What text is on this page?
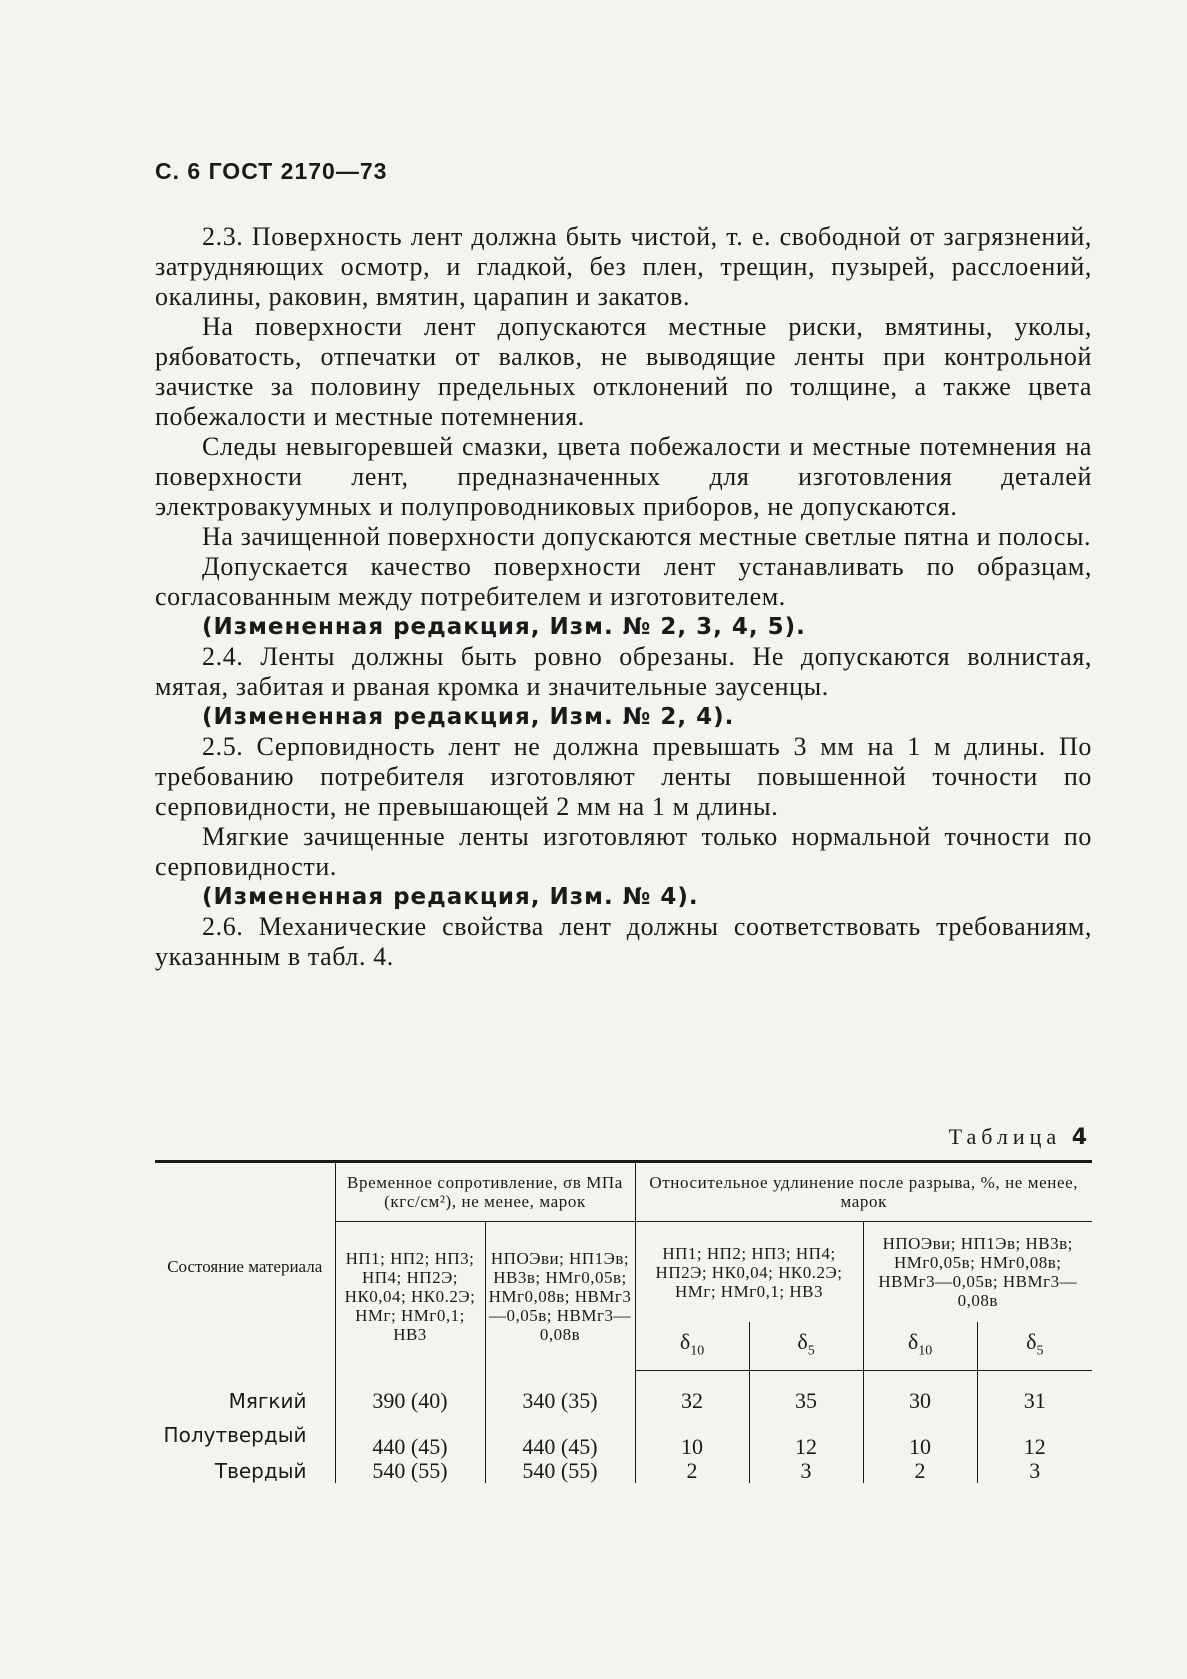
С. 6 ГОСТ 2170—73

2.3. Поверхность лент должна быть чистой, т. е. свободной от загрязнений, затрудняющих осмотр, и гладкой, без плен, трещин, пузырей, расслоений, окалины, раковин, вмятин, царапин и закатов.

На поверхности лент допускаются местные риски, вмятины, уколы, рябоватость, отпечатки от валков, не выводящие ленты при контрольной зачистке за половину предельных отклонений по толщине, а также цвета побежалости и местные потемнения.

Следы невыгоревшей смазки, цвета побежалости и местные потемнения на поверхности лент, предназначенных для изготовления деталей электровакуумных и полупроводниковых приборов, не допускаются.

На зачищенной поверхности допускаются местные светлые пятна и полосы.

Допускается качество поверхности лент устанавливать по образцам, согласованным между потребителем и изготовителем.

(Измененная редакция, Изм. № 2, 3, 4, 5).

2.4. Ленты должны быть ровно обрезаны. Не допускаются волнистая, мятая, забитая и рваная кромка и значительные заусенцы.

(Измененная редакция, Изм. № 2, 4).

2.5. Серповидность лент не должна превышать 3 мм на 1 м длины. По требованию потребителя изготовляют ленты повышенной точности по серповидности, не превышающей 2 мм на 1 м длины.

Мягкие зачищенные ленты изготовляют только нормальной точности по серповидности.

(Измененная редакция, Изм. № 4).

2.6. Механические свойства лент должны соответствовать требованиям, указанным в табл. 4.

Таблица 4
Состояние материала	Временное сопротивление, σв МПа (кгс/см²), не менее, марок		Относительное удлинение после разрыва, %, не менее, марок			
	НП1; НП2; НП3; НП4; НП2Э; НК0,04; НК0.2Э; НМг; НМг0,1; НВ3	НПОЭви; НП1Эв; НВ3в; НМг0,05в; НМг0,08в; НВМг3—0,05в; НВМг3—0,08в	НП1; НП2; НП3; НП4; НП2Э; НК0,04; НК0.2Э; НМг; НМг0,1; НВ3		НПОЭви; НП1Эв; НВ3в; НМг0,05в; НМг0,08в; НВМг3—0,05в; НВМг3—0,08в	
			$\delta_{10}$	$\delta_5$	$\delta_{10}$	$\delta_5$
Мягкий	390 (40)	340 (35)	32	35	30	31
Полутвердый	440 (45)	440 (45)	10	12	10	12
Твердый	540 (55)	540 (55)	2	3	2	3
